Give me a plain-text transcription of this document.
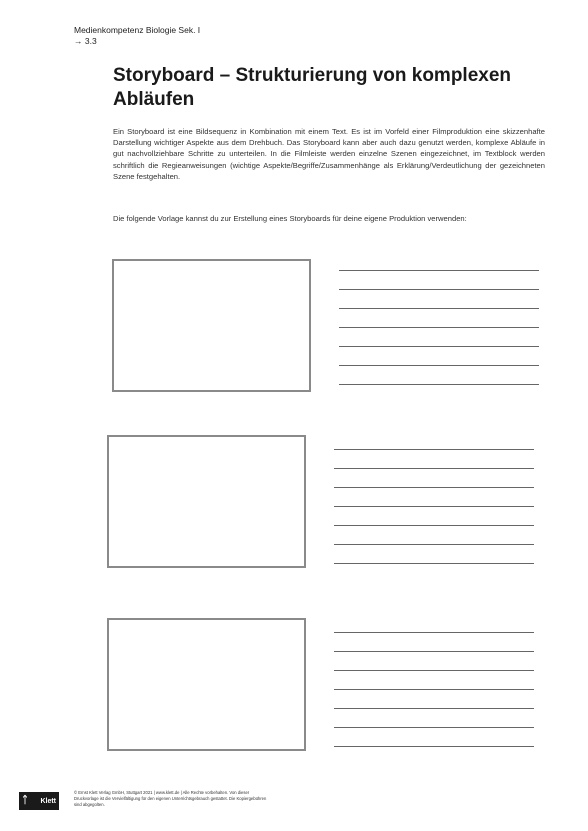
Medienkompetenz Biologie Sek. I
→ 3.3
Storyboard – Strukturierung von komplexen Abläufen

Ein Storyboard ist eine Bildsequenz in Kombination mit einem Text. Es ist im Vorfeld einer Filmproduktion eine skizzenhafte Darstellung wichtiger Aspekte aus dem Drehbuch. Das Storyboard kann aber auch dazu genutzt werden, komplexe Abläufe in gut nachvollziehbare Schritte zu unterteilen. In die Filmleiste werden einzelne Szenen eingezeichnet, im Textblock werden schriftlich die Regieanweisungen (wichtige Aspekte/Begriffe/Zusammenhänge als Erklärung/Verdeutlichung der gezeichneten Szene festgehalten.

Die folgende Vorlage kannst du zur Erstellung eines Storyboards für deine eigene Produktion verwenden:

ᛏ Klett
© Ernst Klett Verlag GmbH, Stuttgart 2021 | www.klett.de | Alle Rechte vorbehalten. Von dieser Druckvorlage ist die Vervielfältigung für den eigenen Unterrichtsgebrauch gestattet. Die Kopiergebühren sind abgegolten.
